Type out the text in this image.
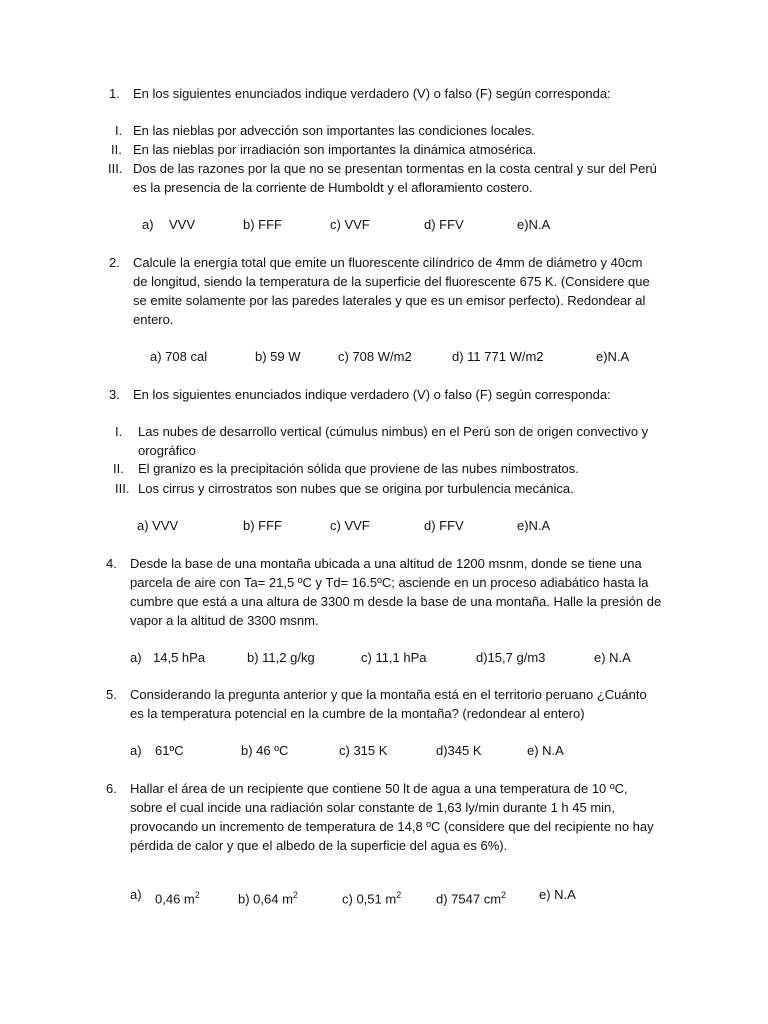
1. En los siguientes enunciados indique verdadero (V) o falso (F) según corresponda:
I. En las nieblas por advección son importantes las condiciones locales.
II. En las nieblas por irradiación son importantes la dinámica atmosérica.
III. Dos de las razones por la que no se presentan tormentas en la costa central y sur del Perú
es la presencia de la corriente de Humboldt y el afloramiento costero.
a) VVV	b) FFF	c) VVF	d) FFV	e)N.A
2. Calcule la energía total que emite un fluorescente cilíndrico de 4mm de diámetro y 40cm
de longitud, siendo la temperatura de la superficie del fluorescente 675 K. (Considere que
se emite solamente por las paredes laterales y que es un emisor perfecto). Redondear al
entero.
a) 708 cal	b) 59 W	c) 708 W/m2	d) 11 771 W/m2	e)N.A
3. En los siguientes enunciados indique verdadero (V) o falso (F) según corresponda:
I. Las nubes de desarrollo vertical (cúmulus nimbus) en el Perú son de origen convectivo y
orográfico
II. El granizo es la precipitación sólida que proviene de las nubes nimbostratos.
III. Los cirrus y cirrostratos son nubes que se origina por turbulencia mecánica.
a) VVV	b) FFF	c) VVF	d) FFV	e)N.A
4. Desde la base de una montaña ubicada a una altitud de 1200 msnm, donde se tiene una
parcela de aire con Ta= 21,5 ºC y Td= 16.5ºC; asciende en un proceso adiabático hasta la
cumbre que está a una altura de 3300 m desde la base de una montaña. Halle la presión de
vapor a la altitud de 3300 msnm.
a) 14,5 hPa	b) 11,2 g/kg	c) 11,1 hPa	d)15,7 g/m3	e) N.A
5. Considerando la pregunta anterior y que la montaña está en el territorio peruano ¿Cuánto
es la temperatura potencial en la cumbre de la montaña? (redondear al entero)
a) 61ºC	b) 46 ºC	c) 315 K	d)345 K	e) N.A
6. Hallar el área de un recipiente que contiene 50 lt de agua a una temperatura de 10 ºC,
sobre el cual incide una radiación solar constante de 1,63 ly/min durante 1 h 45 min,
provocando un incremento de temperatura de 14,8 ºC (considere que del recipiente no hay
pérdida de calor y que el albedo de la superficie del agua es 6%).
a) 0,46 $m^2$	b) 0,64 $m^2$	c) 0,51 $m^2$	d) 7547 $cm^2$	e) N.A
